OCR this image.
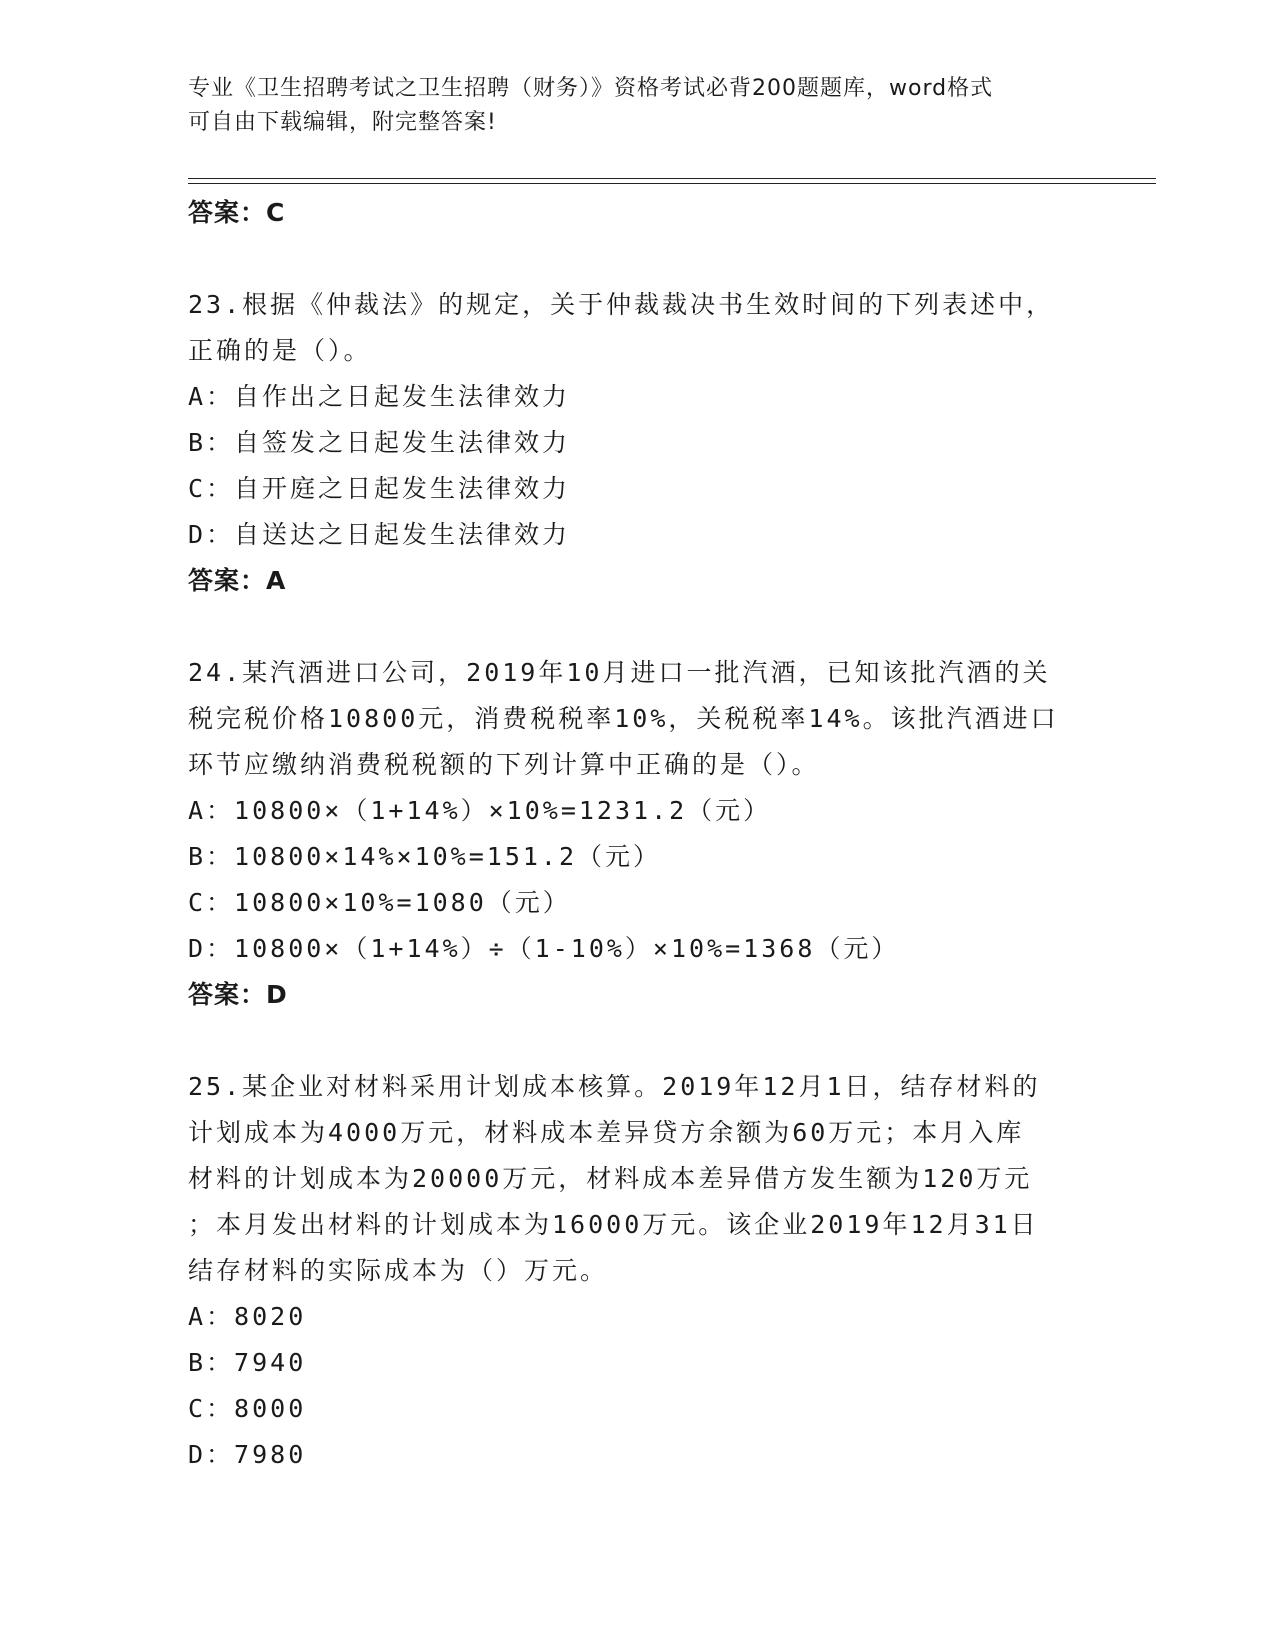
专业《卫生招聘考试之卫生招聘（财务）》资格考试必背200题题库，word格式
可自由下载编辑，附完整答案!
答案：C
23.根据《仲裁法》的规定，关于仲裁裁决书生效时间的下列表述中，
正确的是（）。
A：自作出之日起发生法律效力
B：自签发之日起发生法律效力
C：自开庭之日起发生法律效力
D：自送达之日起发生法律效力
答案：A
24.某汽酒进口公司，2019年10月进口一批汽酒，已知该批汽酒的关
税完税价格10800元，消费税税率10%，关税税率14%。该批汽酒进口
环节应缴纳消费税税额的下列计算中正确的是（）。
A：10800×（1+14%）×10%=1231.2（元）
B：10800×14%×10%=151.2（元）
C：10800×10%=1080（元）
D：10800×（1+14%）÷（1-10%）×10%=1368（元）
答案：D
25.某企业对材料采用计划成本核算。2019年12月1日，结存材料的
计划成本为4000万元，材料成本差异贷方余额为60万元；本月入库
材料的计划成本为20000万元，材料成本差异借方发生额为120万元
；本月发出材料的计划成本为16000万元。该企业2019年12月31日
结存材料的实际成本为（）万元。
A：8020
B：7940
C：8000
D：7980
